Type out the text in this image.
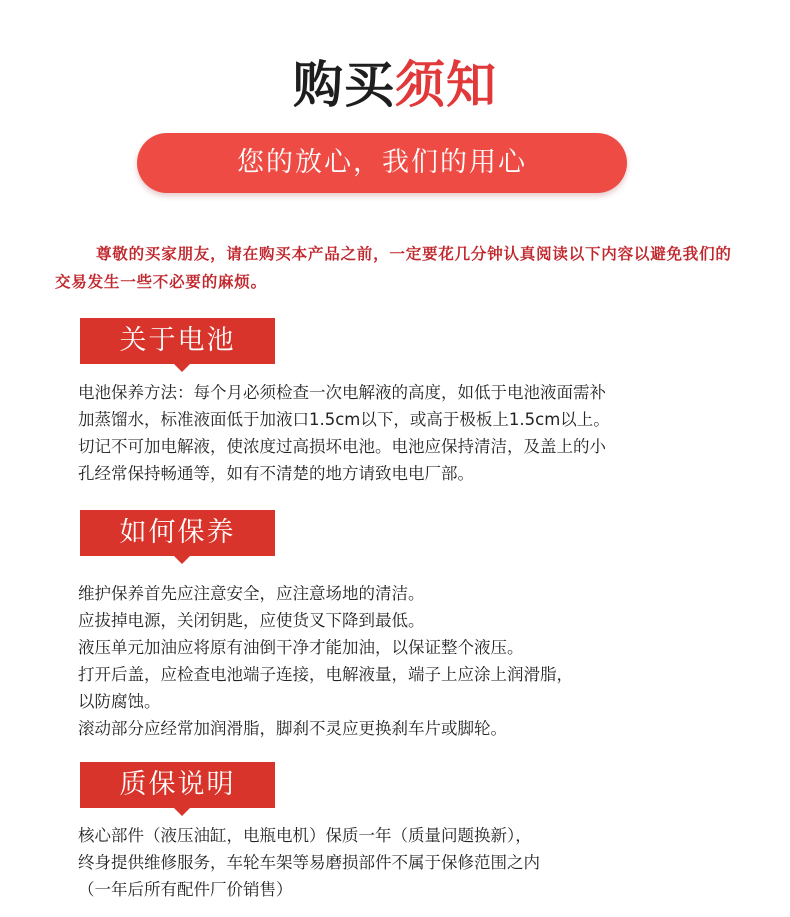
购买须知
您的放心，我们的用心
尊敬的买家朋友，请在购买本产品之前，一定要花几分钟认真阅读以下内容以避免我们的交易发生一些不必要的麻烦。
关于电池
电池保养方法：每个月必须检查一次电解液的高度，如低于电池液面需补
加蒸馏水，标准液面低于加液口1.5cm以下，或高于极板上1.5cm以上。
切记不可加电解液，使浓度过高损坏电池。电池应保持清洁，及盖上的小
孔经常保持畅通等，如有不清楚的地方请致电电厂部。
如何保养
维护保养首先应注意安全，应注意场地的清洁。
应拔掉电源，关闭钥匙，应使货叉下降到最低。
液压单元加油应将原有油倒干净才能加油，以保证整个液压。
打开后盖，应检查电池端子连接，电解液量，端子上应涂上润滑脂，
以防腐蚀。
滚动部分应经常加润滑脂，脚刹不灵应更换刹车片或脚轮。
质保说明
核心部件（液压油缸，电瓶电机）保质一年（质量问题换新），
终身提供维修服务，车轮车架等易磨损部件不属于保修范围之内
（一年后所有配件厂价销售）
